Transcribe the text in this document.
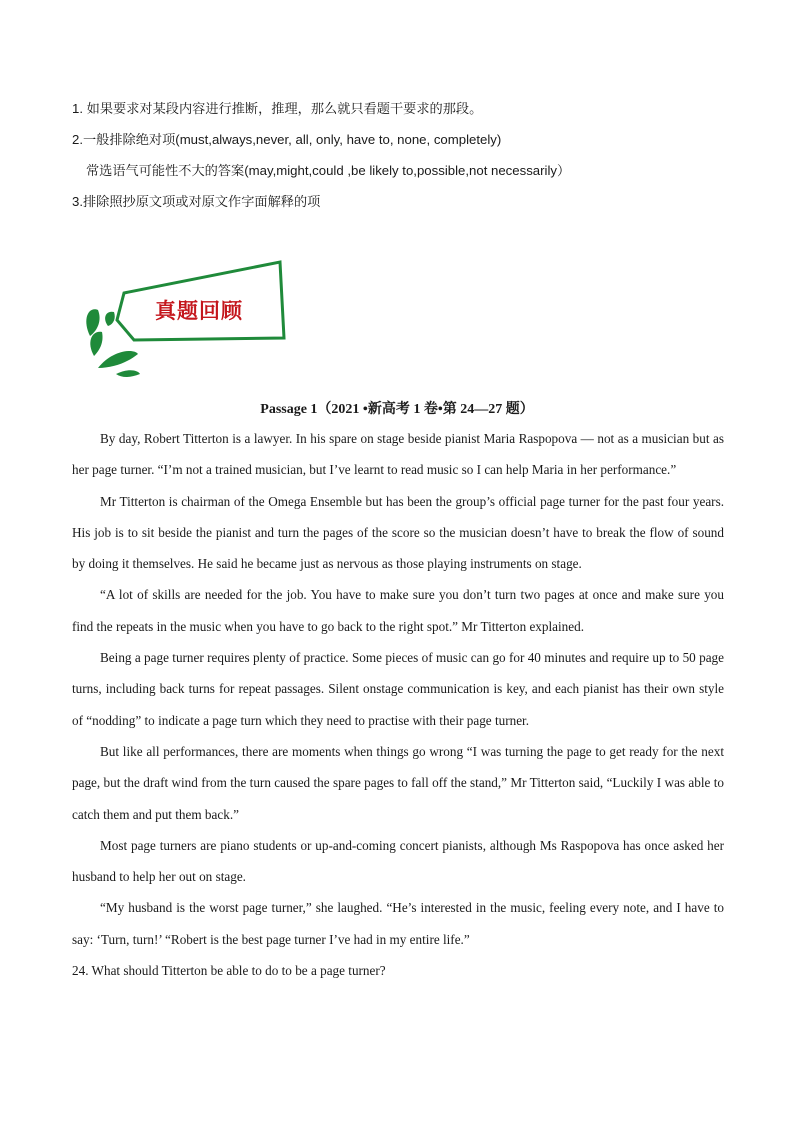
1. 如果要求对某段内容进行推断，推理，那么就只看题干要求的那段。
2.一般排除绝对项(must,always,never, all, only, have to, none, completely)
常选语气可能性不大的答案(may,might,could ,be likely to,possible,not necessarily）
3.排除照抄原文项或对原文作字面解释的项
真题回顾
Passage 1（2021 •新高考 1 卷•第 24—27 题）

By day, Robert Titterton is a lawyer. In his spare on stage beside pianist Maria Raspopova — not as a musician but as her page turner. “I’m not a trained musician, but I’ve learnt to read music so I can help Maria in her performance.”

Mr Titterton is chairman of the Omega Ensemble but has been the group’s official page turner for the past four years. His job is to sit beside the pianist and turn the pages of the score so the musician doesn’t have to break the flow of sound by doing it themselves. He said he became just as nervous as those playing instruments on stage.

“A lot of skills are needed for the job. You have to make sure you don’t turn two pages at once and make sure you find the repeats in the music when you have to go back to the right spot.” Mr Titterton explained.

Being a page turner requires plenty of practice. Some pieces of music can go for 40 minutes and require up to 50 page turns, including back turns for repeat passages. Silent onstage communication is key, and each pianist has their own style of “nodding” to indicate a page turn which they need to practise with their page turner.

But like all performances, there are moments when things go wrong “I was turning the page to get ready for the next page, but the draft wind from the turn caused the spare pages to fall off the stand,” Mr Titterton said, “Luckily I was able to catch them and put them back.”

Most page turners are piano students or up-and-coming concert pianists, although Ms Raspopova has once asked her husband to help her out on stage.

“My husband is the worst page turner,” she laughed. “He’s interested in the music, feeling every note, and I have to say: ‘Turn, turn!’ “Robert is the best page turner I’ve had in my entire life.”

24. What should Titterton be able to do to be a page turner?
